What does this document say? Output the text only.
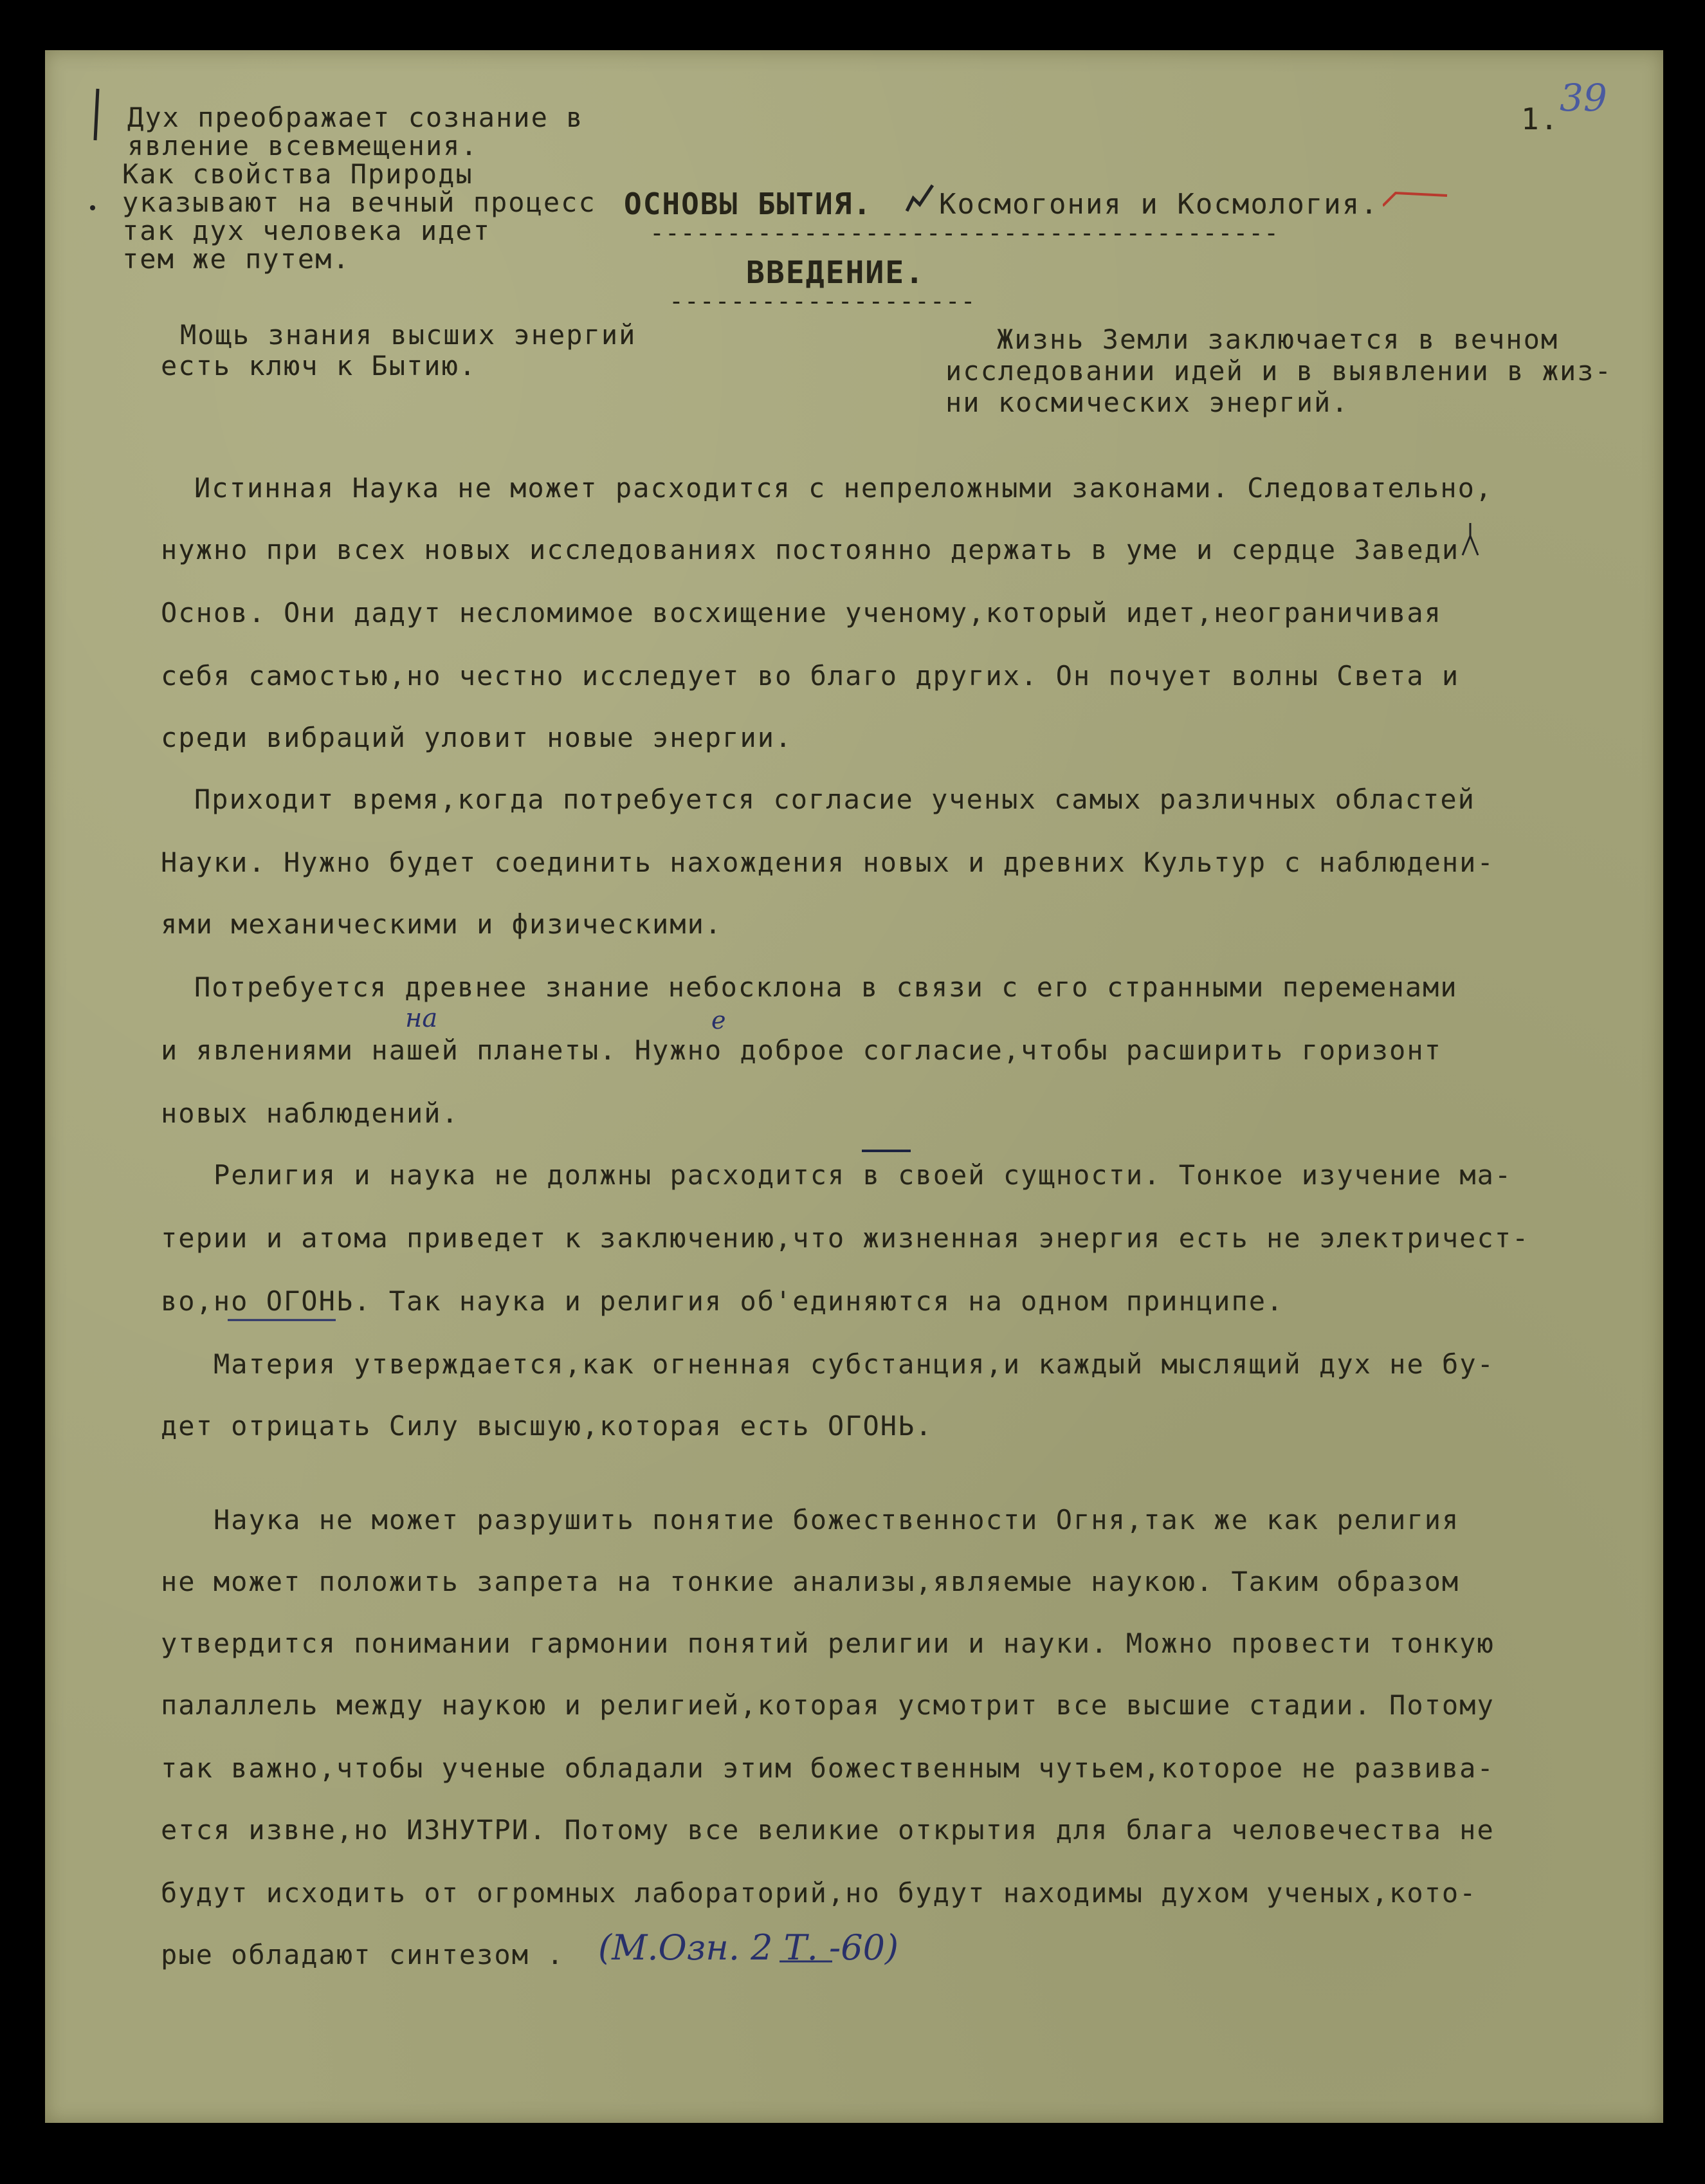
1. 39
Дух преображает сознание в
явление всевмещения.
Как свойства Природы
указывают на вечный процесс
так дух человека идет
тем же путем.
ОСНОВЫ БЫТИЯ. Космогония и Космология.
-----------------------------------------
ВВЕДЕНИЕ.
--------------------
Мощь знания высших энергий
есть ключ к Бытию.
Жизнь Земли заключается в вечном
исследовании идей и в выявлении в жиз-
ни космических энергий.
Истинная Наука не может расходится с непреложными законами. Следовательно,
нужно при всех новых исследованиях постоянно держать в уме и сердце Заведи
Основ. Они дадут несломимое восхищение ученому,который идет,неограничивая
себя самостью,но честно исследует во благо других. Он почует волны Света и
среди вибраций уловит новые энергии.
Приходит время,когда потребуется согласие ученых самых различных областей
Науки. Нужно будет соединить нахождения новых и древних Культур с наблюдени-
ями механическими и физическими.
Потребуется древнее знание небосклона в связи с его странными переменами
и явлениями нашей планеты. Нужно доброе согласие,чтобы расширить горизонт
новых наблюдений.
Религия и наука не должны расходится в своей сущности. Тонкое изучение ма-
терии и атома приведет к заключению,что жизненная энергия есть не электричест-
во,но ОГОНЬ. Так наука и религия об'единяются на одном принципе.
Материя утверждается,как огненная субстанция,и каждый мыслящий дух не бу-
дет отрицать Силу высшую,которая есть ОГОНЬ.
Наука не может разрушить понятие божественности Огня,так же как религия
не может положить запрета на тонкие анализы,являемые наукою. Таким образом
утвердится понимании гармонии понятий религии и науки. Можно провести тонкую
палаллель между наукою и религией,которая усмотрит все высшие стадии. Потому
так важно,чтобы ученые обладали этим божественным чутьем,которое не развива-
ется извне,но ИЗНУТРИ. Потому все великие открытия для блага человечества не
будут исходить от огромных лабораторий,но будут находимы духом ученых,кото-
рые обладают синтезом .
на	е
(М.Озн. 2 Т. -60)
